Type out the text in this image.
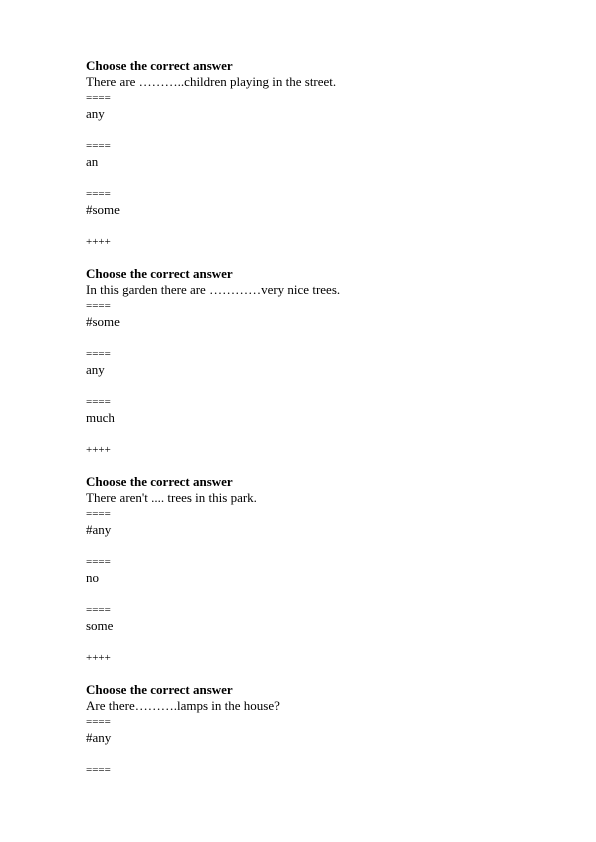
Choose the correct answer
There are ………..children playing in the street.
====
any
====
an
====
#some
++++
Choose the correct answer
In this garden there are …………very nice trees.
====
#some
====
any
====
much
++++
Choose the correct answer
There aren't .... trees in this park.
====
#any
====
no
====
some
++++
Choose the correct answer
Are there……….lamps in the house?
====
#any
====
